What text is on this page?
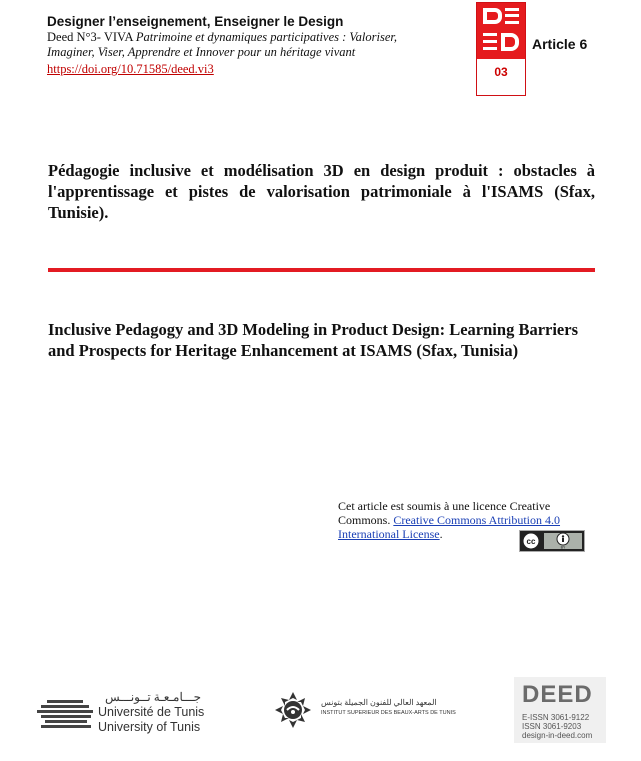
Designer l’enseignement, Enseigner le Design
Deed N°3- VIVA Patrimoine et dynamiques participatives : Valoriser,
Imaginer, Viser, Apprendre et Innover pour un héritage vivant
https://doi.org/10.71585/deed.vi3	03
Article 6
Pédagogie inclusive et modélisation 3D en design produit : obstacles à l'apprentissage et pistes de valorisation patrimoniale à l'ISAMS (Sfax, Tunisie).
Inclusive Pedagogy and 3D Modeling in Product Design: Learning Barriers and Prospects for Heritage Enhancement at ISAMS (Sfax, Tunisia)
Cet article est soumis à une licence Creative Commons. Creative Commons Attribution 4.0 International License.
cc
BY
جـــامـعـة تــونـــس
Université de Tunis
University of Tunis
المعهد العالي للفنون الجميلة بتونس
INSTITUT SUPERIEUR DES BEAUX-ARTS DE TUNIS
DEED
E-ISSN 3061-9122
ISSN 3061-9203
design-in-deed.com
